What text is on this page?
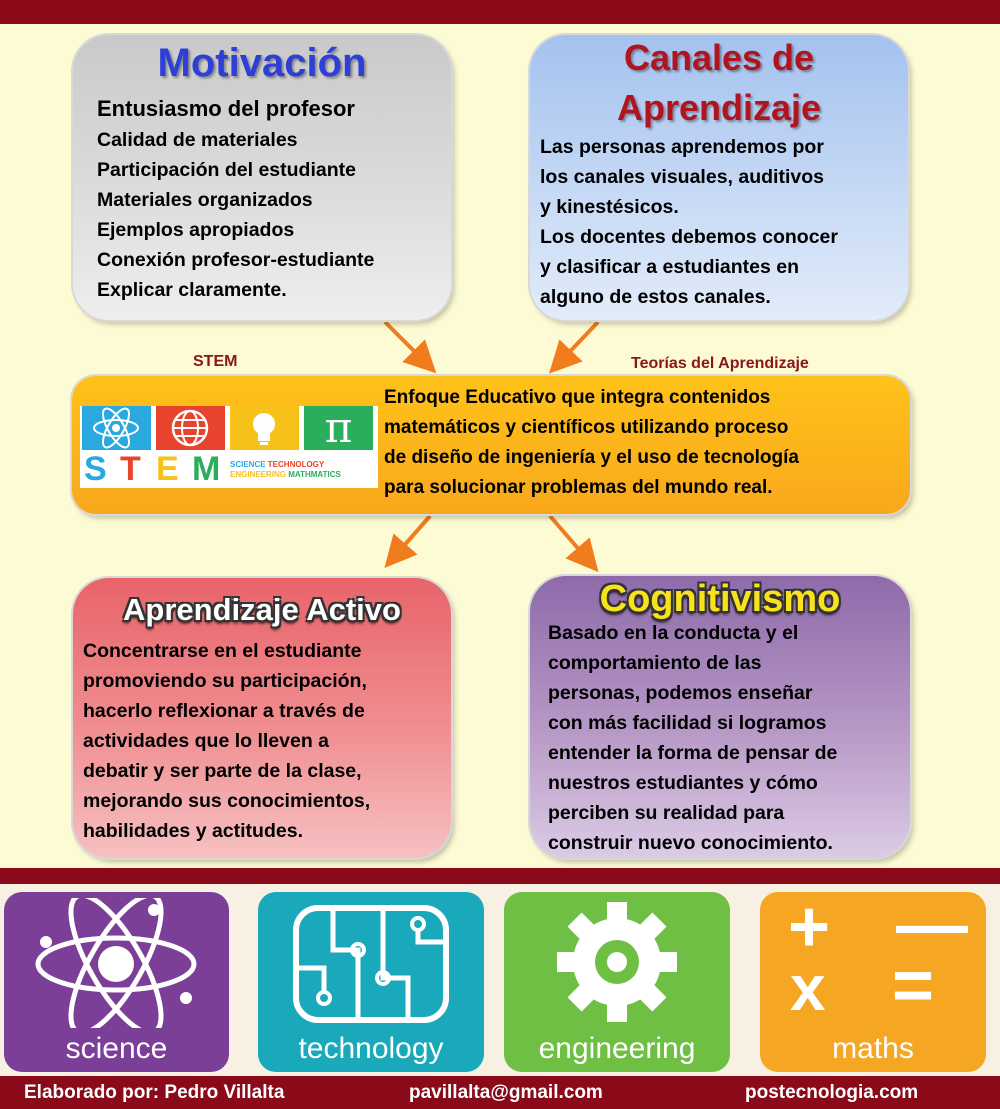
Motivación
Entusiasmo del profesor
Calidad de materiales
Participación del estudiante
Materiales organizados
Ejemplos apropiados
Conexión profesor-estudiante
Explicar claramente.
Canales de
Aprendizaje
Las personas aprendemos por
los canales visuales, auditivos
y kinestésicos.
Los docentes debemos conocer
y clasificar a estudiantes en
alguno de estos canales.
STEM	Teorías del Aprendizaje
π
S T E M SCIENCE TECHNOLOGY
ENGINEERING MATHMATICS
Enfoque Educativo que integra contenidos
matemáticos y científicos utilizando proceso
de diseño de ingeniería y el uso de tecnología
para solucionar problemas del mundo real.
Aprendizaje Activo
Concentrarse en el estudiante
promoviendo su participación,
hacerlo reflexionar a través de
actividades que lo lleven a
debatir y ser parte de la clase,
mejorando sus conocimientos,
habilidades y actitudes.
Cognitivismo
Basado en la conducta y el
comportamiento de las
personas, podemos enseñar
con más facilidad si logramos
entender la forma de pensar de
nuestros estudiantes y cómo
perciben su realidad para
construir nuevo conocimiento.
science	technology	engineering
+ —
x =
maths
Elaborado por: Pedro Villalta	pavillalta@gmail.com	postecnologia.com
